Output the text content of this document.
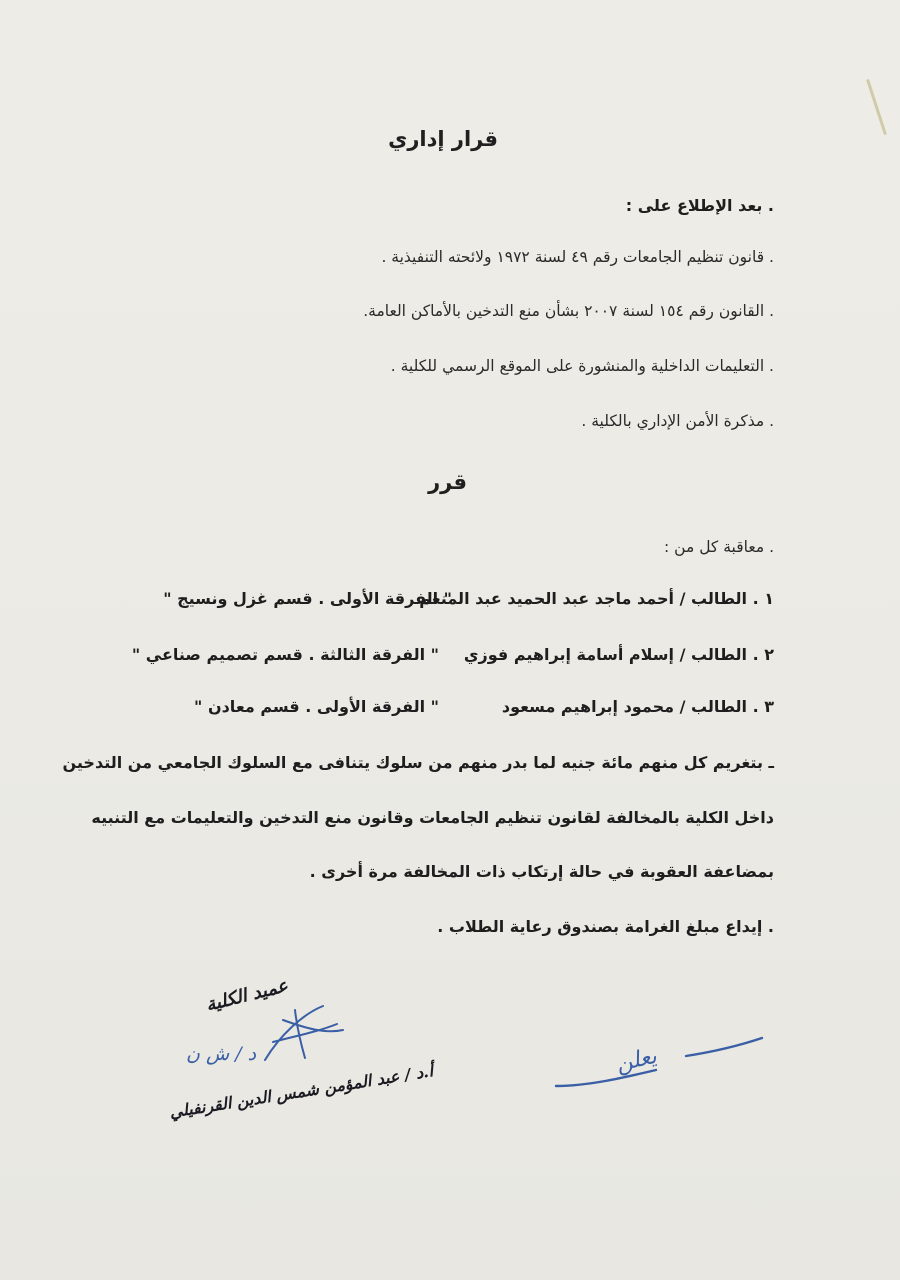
قرار إداري
. بعد الإطلاع على :
. قانون تنظيم الجامعات رقم ٤٩ لسنة ١٩٧٢ ولائحته التنفيذية .
. القانون رقم ١٥٤ لسنة ٢٠٠٧ بشأن منع التدخين بالأماكن العامة.
. التعليمات الداخلية والمنشورة على الموقع الرسمي للكلية .
. مذكرة الأمن الإداري بالكلية .
قرر
. معاقبة كل من :
١ . الطالب / أحمد ماجد عبد الحميد عبد المنعم
" الفرقة الأولى . قسم غزل ونسيج "
٢ . الطالب / إسلام أسامة إبراهيم فوزي
" الفرقة الثالثة . قسم تصميم صناعي "
٣ . الطالب / محمود إبراهيم مسعود
" الفرقة الأولى . قسم معادن "
ـ بتغريم كل منهم مائة جنيه لما بدر منهم من سلوك يتنافى مع السلوك الجامعي من التدخين
داخل الكلية بالمخالفة لقانون تنظيم الجامعات وقانون منع التدخين والتعليمات مع التنبيه
بمضاعفة العقوبة في حالة إرتكاب ذات المخالفة مرة أخرى .
. إيداع مبلغ الغرامة بصندوق رعاية الطلاب .
عميد الكلية
د / ش ن
أ.د / عبد المؤمن شمس الدين القرنفيلي
يعلن
